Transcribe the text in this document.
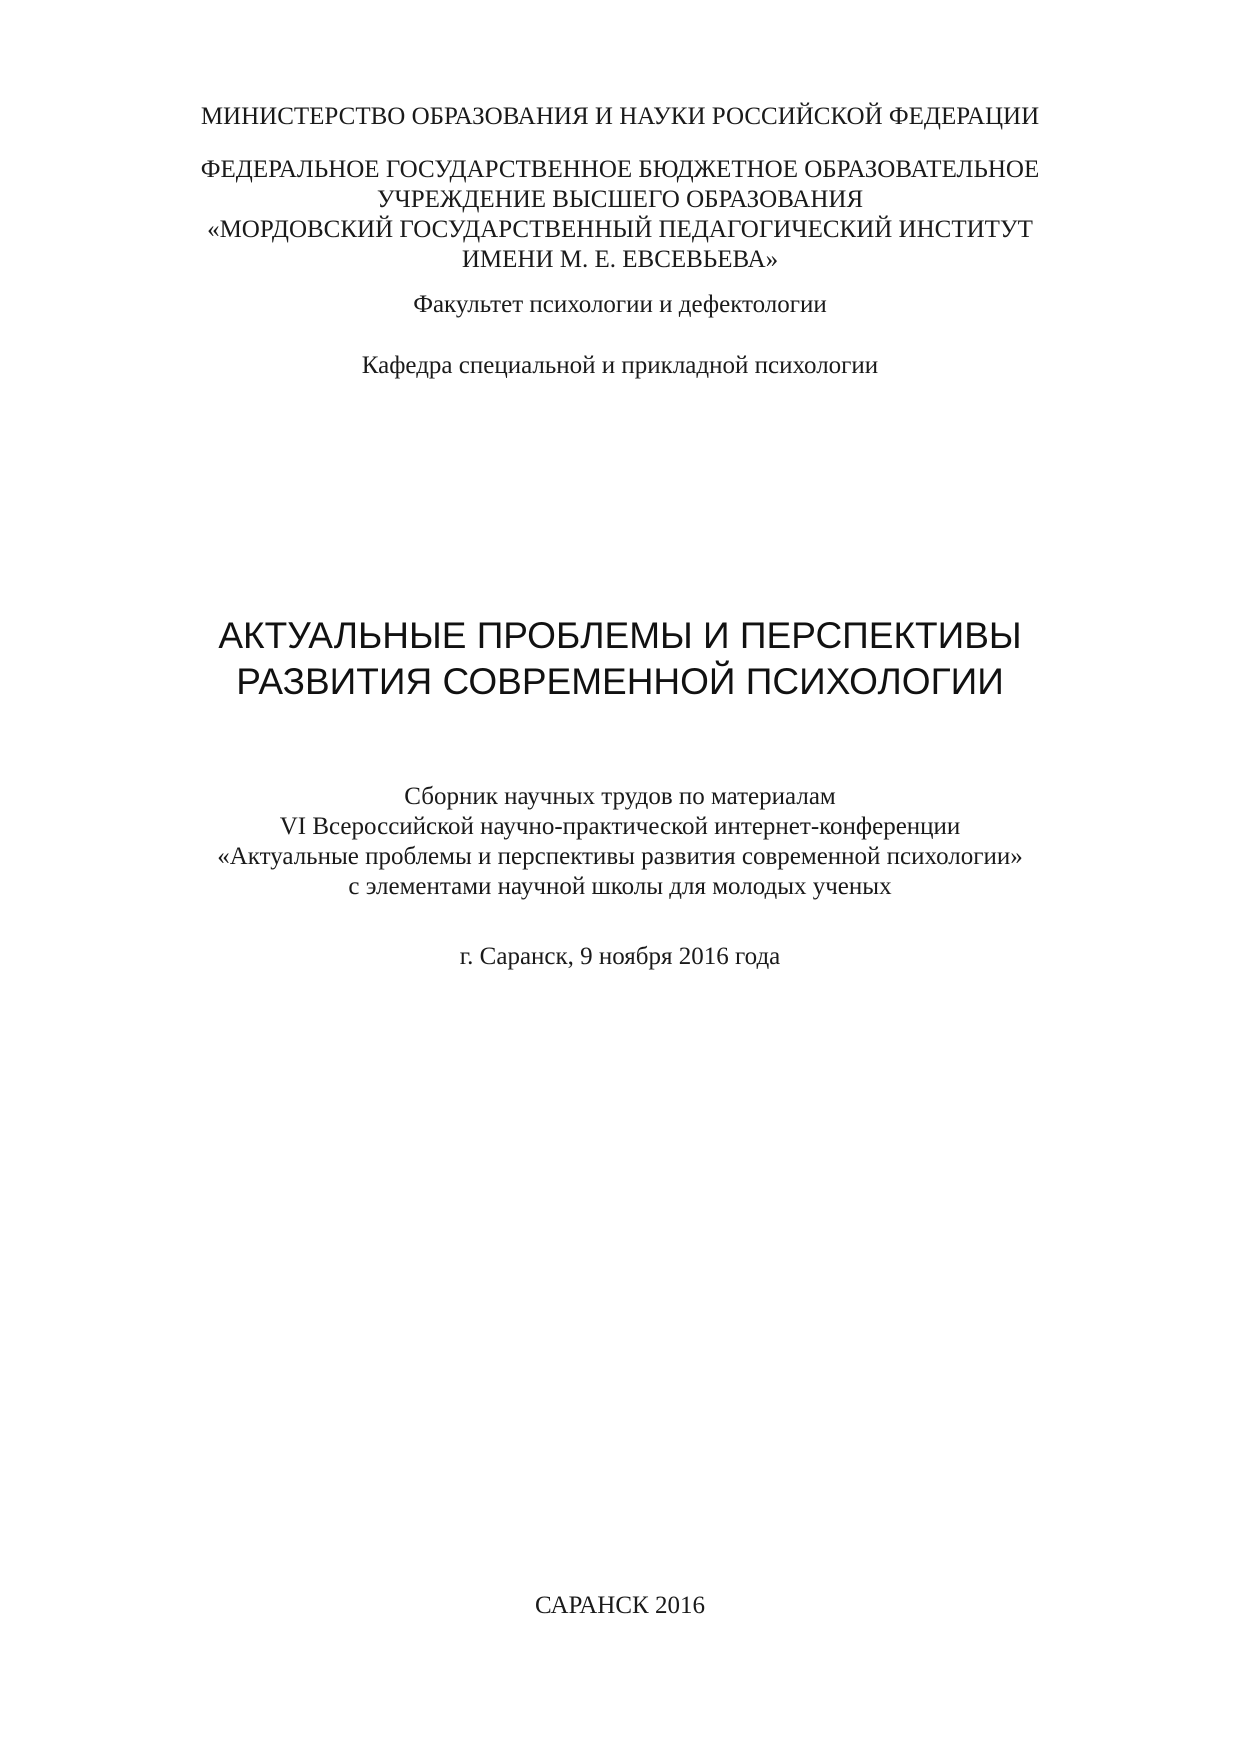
МИНИСТЕРСТВО ОБРАЗОВАНИЯ И НАУКИ РОССИЙСКОЙ ФЕДЕРАЦИИ
ФЕДЕРАЛЬНОЕ ГОСУДАРСТВЕННОЕ БЮДЖЕТНОЕ ОБРАЗОВАТЕЛЬНОЕ
УЧРЕЖДЕНИЕ ВЫСШЕГО ОБРАЗОВАНИЯ
«МОРДОВСКИЙ ГОСУДАРСТВЕННЫЙ ПЕДАГОГИЧЕСКИЙ ИНСТИТУТ
ИМЕНИ М. Е. ЕВСЕВЬЕВА»
Факультет психологии и дефектологии
Кафедра специальной и прикладной психологии
АКТУАЛЬНЫЕ ПРОБЛЕМЫ И ПЕРСПЕКТИВЫ
РАЗВИТИЯ СОВРЕМЕННОЙ ПСИХОЛОГИИ
Сборник научных трудов по материалам
VI Всероссийской научно-практической интернет-конференции
«Актуальные проблемы и перспективы развития современной психологии»
с элементами научной школы для молодых ученых
г. Саранск, 9 ноября 2016 года
САРАНСК 2016
